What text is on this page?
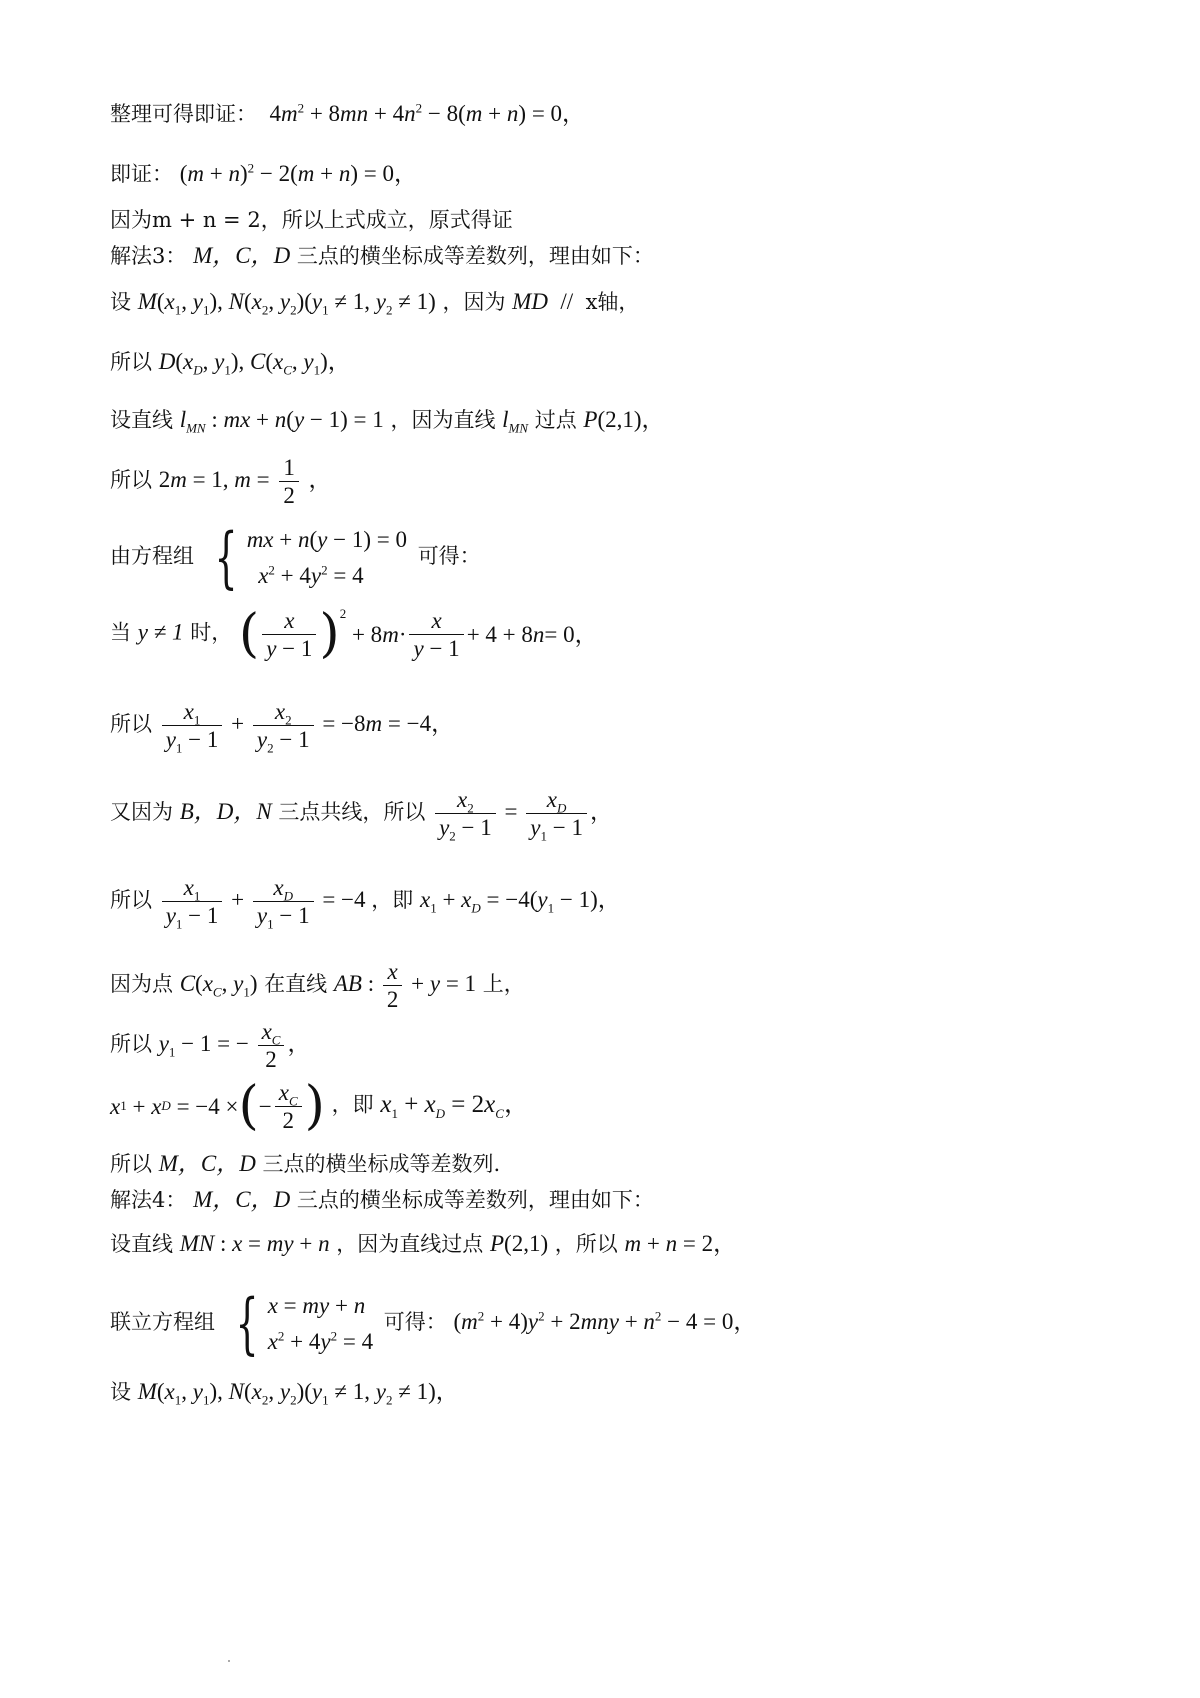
整理可得即证：  $4m^2 + 8mn + 4n^2 - 8(m + n) = 0$，
即证： $(m + n)^2 - 2(m + n) = 0$，
因为m + n = 2，所以上式成立，原式得证
解法3： M，C，D 三点的横坐标成等差数列，理由如下：
设 $M(x_1$, $y_1$), $N(x_2$, $y_2)(y_1 \ne 1$, $y_2 \ne 1$) ，因为 MD  //  x轴，
所以 $D(x_D$, $y_1$), $C(x_C$, $y_1$)，
设直线 $l_{MN}$ : mx + n(y − 1) = 1 ，因为直线 $l_{MN}$ 过点 P(2,1)，
所以 2m = 1, $m = \frac{1}{2}$ ，
由方程组 { mx + n(y − 1) = 0
$x^2 + 4y^2 = 4$
可得：
当 y ≠ 1 时， ( $\frac{x}{y - 1}$ ) 2
+ 8 $m \cdot \frac{x}{y - 1} + 4 + 8$ n = 0，
所以 $\frac{x_1}{y_1 - 1} + \frac{x_2}{y_2 - 1} = -8m = -4$，
又因为 B，D，N 三点共线，所以 $\frac{x_2}{y_2 - 1} = \frac{x_D}{y_1 - 1}$ ，
所以 $\frac{x_1}{y_1 - 1} + \frac{x_D}{y_1 - 1} = -4$ ，即 $x_1 + x_D = -4(y_1 - 1)$，
因为点 $C(x_C$, $y_1$) 在直线 AB : $\frac{x}{2} + y = 1$ 上，
所以 $y_1 - 1$ = − $\frac{x_C}{2}$ ，
x 1 + x D = −4 × ( − $\frac{x_C}{2}$ ) ，即 $x_1 + x_D = 2x_C$，
所以 M，C，D 三点的横坐标成等差数列.
解法4： M，C，D 三点的横坐标成等差数列，理由如下：
设直线 MN : x = my + n ，因为直线过点 P(2,1) ，所以 m + n = 2，
联立方程组 { x = my + n
$x^2 + 4y^2 = 4$
可得： $(m^2 + 4)y^2 + 2mny + n^2 - 4 = 0$，
设 $M(x_1$, $y_1$), $N(x_2$, $y_2)(y_1 \ne 1$, $y_2 \ne 1$)，
